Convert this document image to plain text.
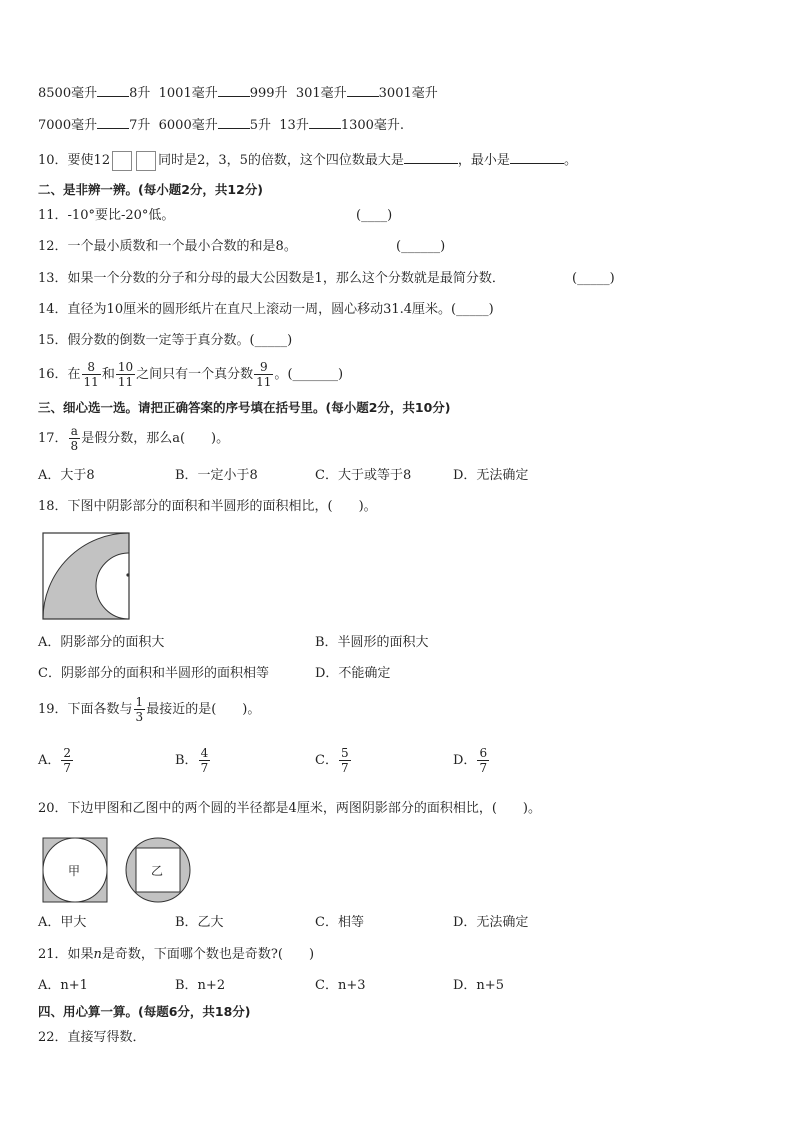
8500毫升 8升 1001毫升 999升 301毫升 3001毫升
7000毫升 7升 6000毫升 5升 13升 1300毫升.
10．要使12	同时是2，3，5的倍数，这个四位数最大是	，最小是	。
二、是非辨一辨。(每小题2分，共12分)
11．-10°要比-20°低。	(____)
12．一个最小质数和一个最小合数的和是8。	(______)
13．如果一个分数的分子和分母的最大公因数是1，那么这个分数就是最简分数．	(_____)
14．直径为10厘米的圆形纸片在直尺上滚动一周，圆心移动31.4厘米。(_____)
15．假分数的倒数一定等于真分数。(_____)
16．在 $\frac{8}{11}$ 和 $\frac{10}{11}$ 之间只有一个真分数 $\frac{9}{11}$ 。(_______)
三、细心选一选。请把正确答案的序号填在括号里。(每小题2分，共10分)
17． $\frac{a}{8}$ 是假分数，那么a(　　)。
A．大于8	B．一定小于8	C．大于或等于8	D．无法确定
18．下图中阴影部分的面积和半圆形的面积相比，(　　)。
A．阴影部分的面积大	B．半圆形的面积大
C．阴影部分的面积和半圆形的面积相等	D．不能确定
19．下面各数与 $\frac{1}{3}$ 最接近的是(　　)。
A． $\frac{2}{7}$	B． $\frac{4}{7}$	C． $\frac{5}{7}$	D． $\frac{6}{7}$
20．下边甲图和乙图中的两个圆的半径都是4厘米，两图阴影部分的面积相比，(　　)。
甲	乙
A．甲大	B．乙大	C．相等	D．无法确定
21．如果n是奇数，下面哪个数也是奇数?(　　)
A．n+1	B．n+2	C．n+3	D．n+5
四、用心算一算。(每题6分，共18分)
22．直接写得数．
